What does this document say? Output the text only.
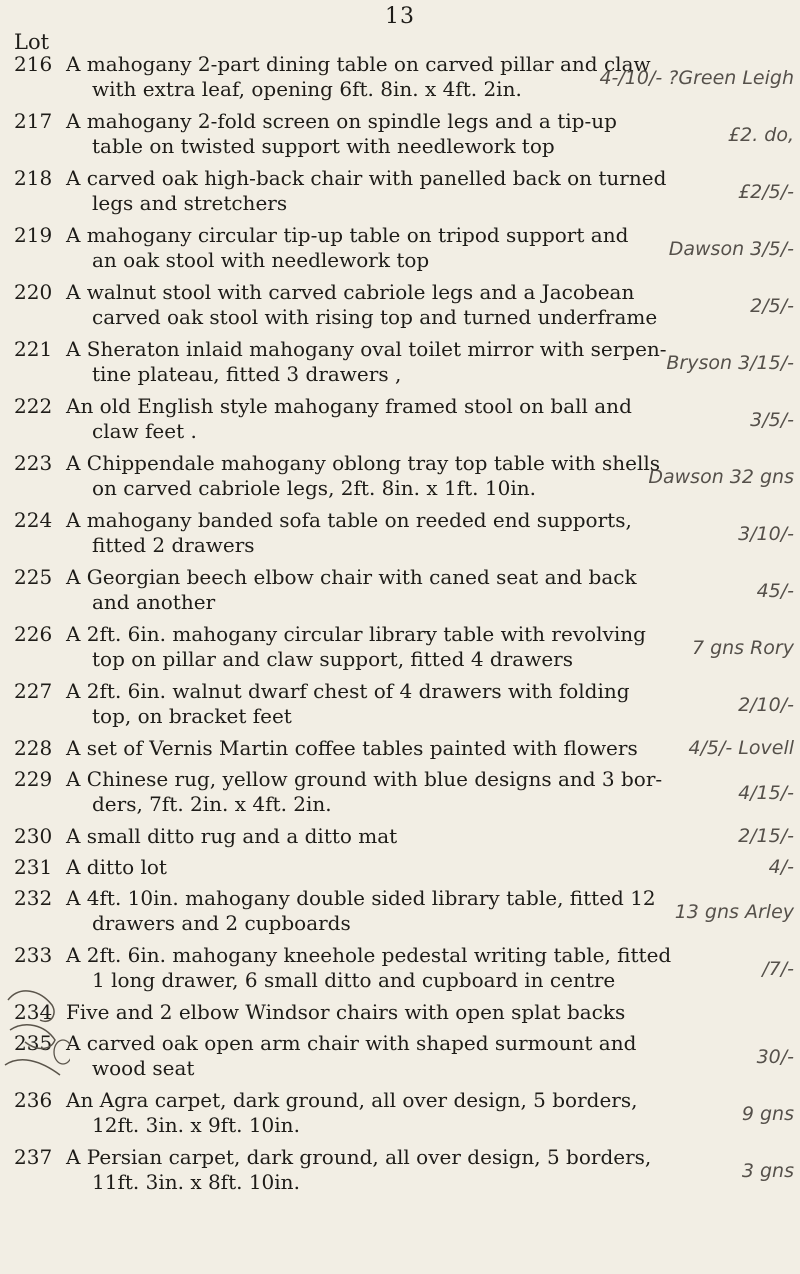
13
Lot
216 A mahogany 2-part dining table on carved pillar and claw
with extra leaf, opening 6ft. 8in. x 4ft. 2in.	4-/10/- ?Green Leigh
217 A mahogany 2-fold screen on spindle legs and a tip-up
table on twisted support with needlework top	£2. do,
218 A carved oak high-back chair with panelled back on turned
legs and stretchers	£2/5/-
219 A mahogany circular tip-up table on tripod support and
an oak stool with needlework top	Dawson 3/5/-
220 A walnut stool with carved cabriole legs and a Jacobean
carved oak stool with rising top and turned underframe	2/5/-
221 A Sheraton inlaid mahogany oval toilet mirror with serpen-
tine plateau, fitted 3 drawers ,	Bryson 3/15/-
222 An old English style mahogany framed stool on ball and
claw feet .	3/5/-
223 A Chippendale mahogany oblong tray top table with shells
on carved cabriole legs, 2ft. 8in. x 1ft. 10in.	Dawson 32 gns
224 A mahogany banded sofa table on reeded end supports,
fitted 2 drawers	3/10/-
225 A Georgian beech elbow chair with caned seat and back
and another	45/-
226 A 2ft. 6in. mahogany circular library table with revolving
top on pillar and claw support, fitted 4 drawers	7 gns Rory
227 A 2ft. 6in. walnut dwarf chest of 4 drawers with folding
top, on bracket feet	2/10/-
228 A set of Vernis Martin coffee tables painted with flowers	4/5/- Lovell
229 A Chinese rug, yellow ground with blue designs and 3 bor-
ders, 7ft. 2in. x 4ft. 2in.	4/15/-
230 A small ditto rug and a ditto mat	2/15/-
231 A ditto lot	4/-
232 A 4ft. 10in. mahogany double sided library table, fitted 12
drawers and 2 cupboards	13 gns Arley
233 A 2ft. 6in. mahogany kneehole pedestal writing table, fitted
1 long drawer, 6 small ditto and cupboard in centre	/7/-
234 Five and 2 elbow Windsor chairs with open splat backs
235 A carved oak open arm chair with shaped surmount and
wood seat	30/-
236 An Agra carpet, dark ground, all over design, 5 borders,
12ft. 3in. x 9ft. 10in.	9 gns
237 A Persian carpet, dark ground, all over design, 5 borders,
11ft. 3in. x 8ft. 10in.	3 gns
